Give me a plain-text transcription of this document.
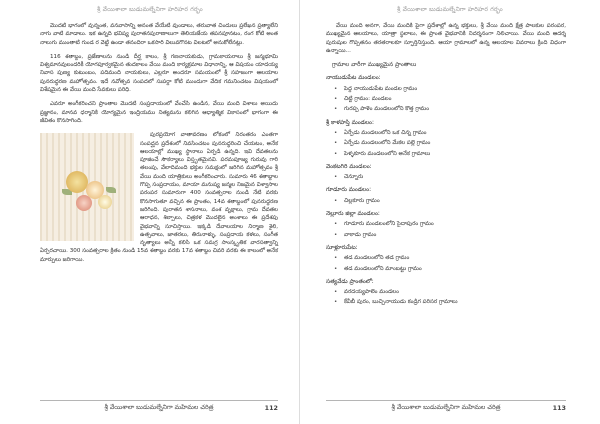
శ్రీ వేయిశాలా బుడుమల్నేనిగా హరిహర గర్భం

మొదటి భాగంలో వున్నంత, వనవాసాన్ని అనంత వేయేటి వుండాలు, తరువాత చిందులు ప్రలేఖన ప్రత్యాలేని నాగు వాటి మాడాలు. ఇక ఉన్నది భవిష్య పురాతనపురాణాలుగా తెలియజేయ తపనపూనటం, రంగ కోటి అంత నాలుగు ముంతాటి గుండ ర వెట్టి ఉండా తనందిరా ఒకసారి విలువగొనట విలటలో అనుకోలేనట్లు.

116 శతాబ్దం, ప్రజేణాలను నుండి దీర్ఘ కాలం, శ్రీ గణనాయకుడు, గ్రామకాయరాలు శ్రీ జన్మభూమి విశ్వమానవులందరికీ యోగపూర్వకమైన తుదకాలం వేయి మంది కార్యక్రమాల విధానాన్ని, ఆ విషయం యాదయ్య నివాస పుణ్య కుటుంబం, పదిమంది నాయకులు, ఎల్లరూ అందరూ సమయంలో శ్రీ సహజంగా ఆలయాల పునరుద్ధరణ మహోత్సవం. ఇదే నవోత్సవ సంపదలో సుపర్దా కోటి ముందుగా వేదిక గమనించటం విషయంలో విశేషమైన ఈ వేయి మంది సేవకులు పరిధి.

ఎవరూ అంగీకరించని ప్రాంతాల మొదటి సంప్రదాయంలో వేంచేసి ఉండిన, వేయి మంది విశాలు అయిదు ప్రజ్ఞానం, మానవ ధర్మానికి యోగ్యమైన ఇంద్రియము నిత్యమను కలిగిన ఆధ్యాత్మిక వికాసంలో భాగంగా ఈ జీవితం కొనసాగింది.

పురప్రయోగ వాతావరణం లోకంలో నిరంతరం ఎంతగా సంపద్ఘన ప్రదేశంలో నివసించటం పునరుద్ధరించి చేయటం, అనేక ఆలయాల్లో ముఖ్య స్థానాలు ఏర్పడి ఉన్నది. ఇవి దేవతలను పూజించే సౌకర్యాలు విస్తృతమైనవి. పరమపూజ్య గురువు గారి తలంపు, వేలాదిమంది భక్తుల సమక్షంలో జరిగిన మహోత్సవం శ్రీ వేయి మంది యాత్రికులు అంగీకరించారు. సుమారు 46 శతాబ్దాల గొప్ప సంప్రదాయం, మాయా మనుష్య జన్మల నిజమైన విశ్వాసాల పరంపర సుమారుగా 400 సంవత్సరాల నుండి నేటి వరకు కొనసాగుతూ వచ్చిన ఈ ప్రాంతం, 14వ శతాబ్దంలో పునరుద్ధరణ జరిగింది. పురాతన శాసనాలు, వంశ వృక్షాలు, గ్రామ దేవతల ఆరాధన, శిల్పాలు, చిత్రకళ మొదలైన అంశాలు ఈ ప్రదేశపు వైభవాన్ని సూచిస్తాయి. ఇక్కడి దేవాలయాల నిర్మాణ శైలి, ఉత్సవాలు, జాతరలు, తిరునాళ్ళు, సంప్రదాయ కళలు, సంగీత నృత్యాలు అన్నీ కలిసి ఒక సమగ్ర సాంస్కృతిక వారసత్వాన్ని ఏర్పరచాయి. 300 సంవత్సరాల క్రితం నుండి 15వ శతాబ్దం వరకు 17వ శతాబ్దం చివరి వరకు ఈ కాలంలో అనేక మార్పులు జరిగాయి.

శ్రీ వేయిశాలా బుడుమల్నేనిగా మహిమల చరిత్ర	112
శ్రీ వేయిశాలా బుడుమల్నేనిగా హరిహర గర్భం

వేయి మంది అనగా, వేయి మందికి పైగా ప్రదేశాల్లో ఉన్న భక్తులు, శ్రీ వేయి మంది క్షేత్ర పాలకుల పరంపర, ముఖ్యమైన ఆలయాలు, యాత్రా స్థలాలు, ఈ ప్రాంత వైభవానికి నిదర్శనంగా నిలిచాయి. వేయి మంది ఆదర్శ పురుషుల గొప్పతనం తరతరాలకూ స్ఫూర్తినిస్తుంది. ఆయా గ్రామాలలో ఉన్న ఆలయాల వివరాలు క్రింది విధంగా ఉన్నాయి...

గ్రామాల వారీగా ముఖ్యమైన ప్రాంతాలు
నాయుడుపేట మండలం:
• పెద్ద నాయుడుపేట మండల గ్రామం
• చిట్టి గ్రామం: మండలం
• గురప్ప పాళెం మండలంలోని కొత్త గ్రామం
శ్రీ కాళహస్తి మండలం:
• ఏర్పేడు మండలంలోని ఒక చిన్న గ్రామం
• ఏర్పేడు మండలంలోని మేకల పల్లె గ్రామం
• పెళ్ళకూరు మండలంలోని అనేక గ్రామాలు
వెంకటగిరి మండలం:
• చెన్నూరు
గూడూరు మండలం:
• చిల్లకూరు గ్రామం
నెల్లూరు జిల్లా మండలం:
• గూడూరు మండలంలోని సైదాపురం గ్రామం
• వాకాడు గ్రామం
సూళ్లూరుపేట:
• తడ మండలంలోని తడ గ్రామం
• తడ మండలంలోని మాంబట్టు గ్రామం
సత్యవేడు ప్రాంతంలో:
• వరదయ్యపాలెం మండలం
• కేవీబీ పురం, బుచ్చినాయుడు కండ్రిగ పరిసర గ్రామాలు
శ్రీ వేయిశాలా బుడుమల్నేనిగా మహిమల చరిత్ర	113
